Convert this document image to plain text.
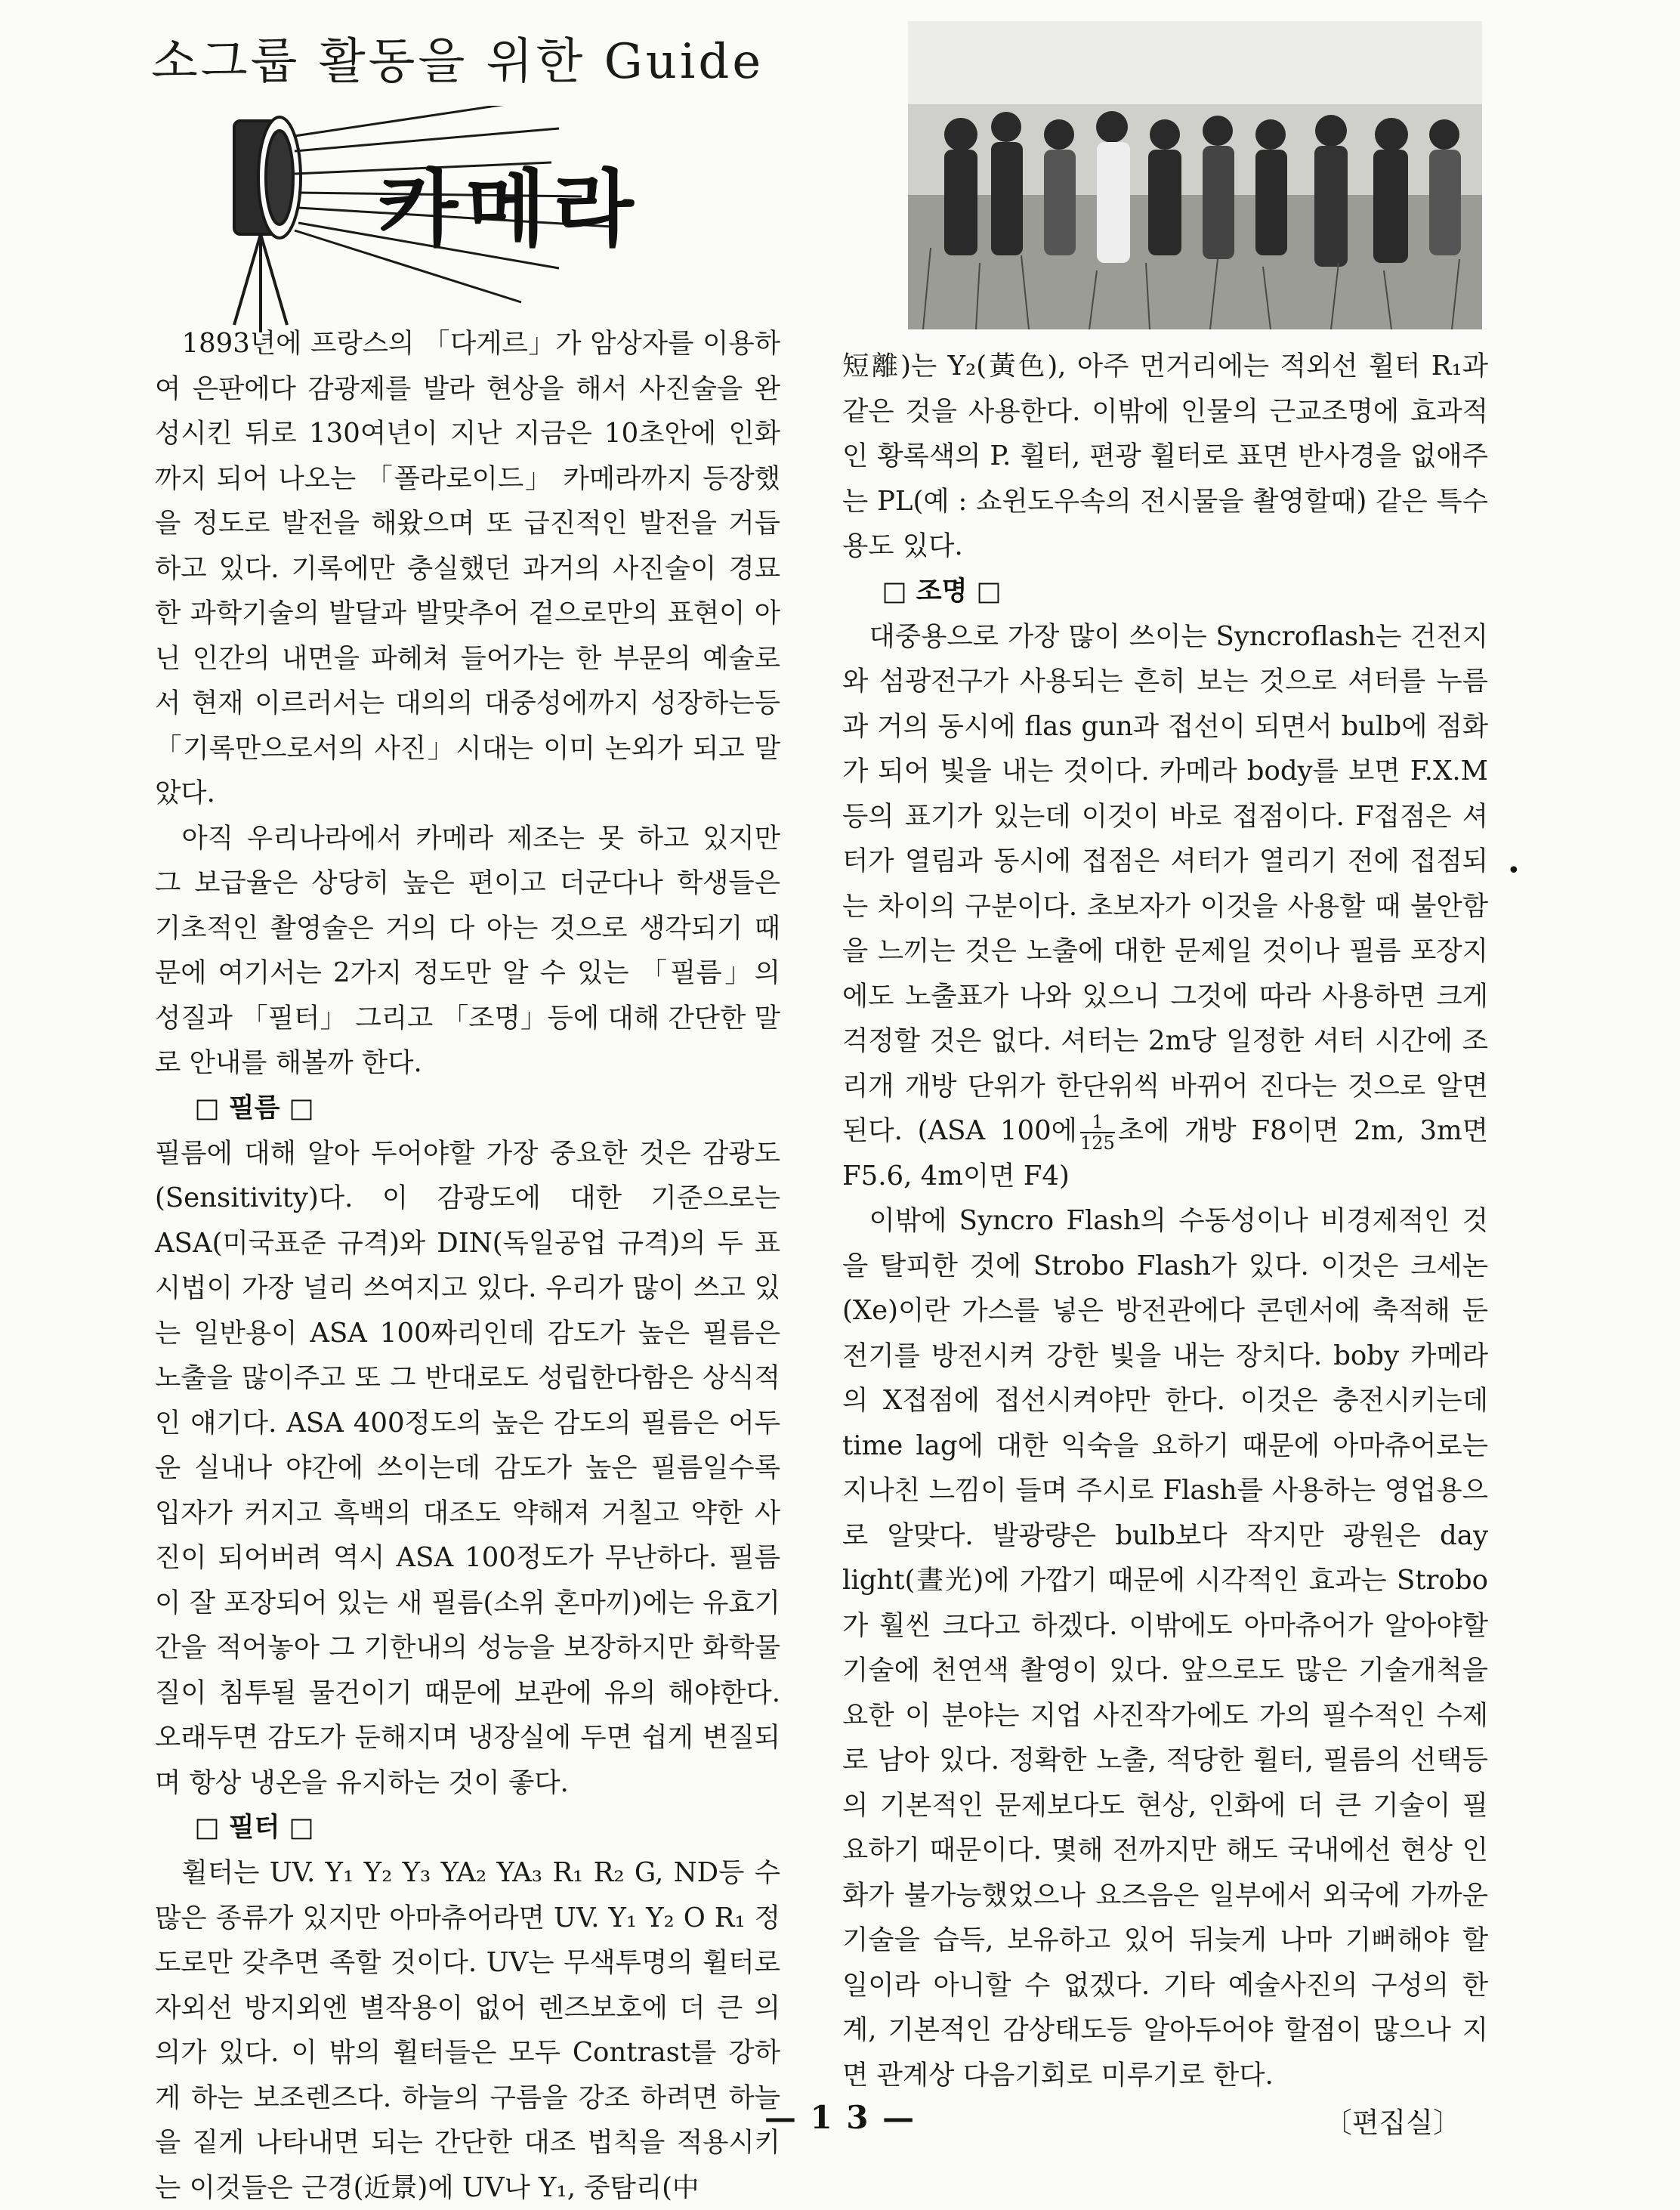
소그룹 활동을 위한 Guide
카메라

1893년에 프랑스의 「다게르」가 암상자를 이용하여 은판에다 감광제를 발라 현상을 해서 사진술을 완성시킨 뒤로 130여년이 지난 지금은 10초안에 인화까지 되어 나오는 「폴라로이드」 카메라까지 등장했을 정도로 발전을 해왔으며 또 급진적인 발전을 거듭하고 있다. 기록에만 충실했던 과거의 사진술이 경묘한 과학기술의 발달과 발맞추어 겉으로만의 표현이 아닌 인간의 내면을 파헤쳐 들어가는 한 부문의 예술로서 현재 이르러서는 대의의 대중성에까지 성장하는등 「기록만으로서의 사진」시대는 이미 논외가 되고 말았다.

아직 우리나라에서 카메라 제조는 못 하고 있지만 그 보급율은 상당히 높은 편이고 더군다나 학생들은 기초적인 촬영술은 거의 다 아는 것으로 생각되기 때문에 여기서는 2가지 정도만 알 수 있는 「필름」의 성질과 「필터」 그리고 「조명」등에 대해 간단한 말로 안내를 해볼까 한다.

□ 필름 □

필름에 대해 알아 두어야할 가장 중요한 것은 감광도(Sensitivity)다. 이 감광도에 대한 기준으로는 ASA(미국표준 규격)와 DIN(독일공업 규격)의 두 표시법이 가장 널리 쓰여지고 있다. 우리가 많이 쓰고 있는 일반용이 ASA 100짜리인데 감도가 높은 필름은 노출을 많이주고 또 그 반대로도 성립한다함은 상식적인 얘기다. ASA 400정도의 높은 감도의 필름은 어두운 실내나 야간에 쓰이는데 감도가 높은 필름일수록 입자가 커지고 흑백의 대조도 약해져 거칠고 약한 사진이 되어버려 역시 ASA 100정도가 무난하다. 필름이 잘 포장되어 있는 새 필름(소위 혼마끼)에는 유효기간을 적어놓아 그 기한내의 성능을 보장하지만 화학물질이 침투될 물건이기 때문에 보관에 유의 해야한다. 오래두면 감도가 둔해지며 냉장실에 두면 쉽게 변질되며 항상 냉온을 유지하는 것이 좋다.

□ 필터 □

휠터는 UV. Y₁ Y₂ Y₃ YA₂ YA₃ R₁ R₂ G, ND등 수 많은 종류가 있지만 아마츄어라면 UV. Y₁ Y₂ O R₁ 정도로만 갖추면 족할 것이다. UV는 무색투명의 휠터로 자외선 방지외엔 별작용이 없어 렌즈보호에 더 큰 의의가 있다. 이 밖의 휠터들은 모두 Contrast를 강하게 하는 보조렌즈다. 하늘의 구름을 강조 하려면 하늘을 짙게 나타내면 되는 간단한 대조 법칙을 적용시키는 이것들은 근경(近景)에 UV나 Y₁, 중탐리(中

短離)는 Y₂(黃色), 아주 먼거리에는 적외선 휠터 R₁과 같은 것을 사용한다. 이밖에 인물의 근교조명에 효과적인 황록색의 P. 휠터, 편광 휠터로 표면 반사경을 없애주는 PL(예 : 쇼윈도우속의 전시물을 촬영할때) 같은 특수용도 있다.

□ 조명 □

대중용으로 가장 많이 쓰이는 Syncroflash는 건전지와 섬광전구가 사용되는 흔히 보는 것으로 셔터를 누름과 거의 동시에 flas gun과 접선이 되면서 bulb에 점화가 되어 빛을 내는 것이다. 카메라 body를 보면 F.X.M등의 표기가 있는데 이것이 바로 접점이다. F접점은 셔터가 열림과 동시에 접점은 셔터가 열리기 전에 접점되는 차이의 구분이다. 초보자가 이것을 사용할 때 불안함을 느끼는 것은 노출에 대한 문제일 것이나 필름 포장지에도 노출표가 나와 있으니 그것에 따라 사용하면 크게 걱정할 것은 없다. 셔터는 2m당 일정한 셔터 시간에 조리개 개방 단위가 한단위씩 바뀌어 진다는 것으로 알면 된다. (ASA 100에 $\frac{1}{125}$ 초에 개방 F8이면 2m, 3m면 F5.6, 4m이면 F4)

이밖에 Syncro Flash의 수동성이나 비경제적인 것을 탈피한 것에 Strobo Flash가 있다. 이것은 크세논(Xe)이란 가스를 넣은 방전관에다 콘덴서에 축적해 둔 전기를 방전시켜 강한 빛을 내는 장치다. boby 카메라의 X접점에 접선시켜야만 한다. 이것은 충전시키는데 time lag에 대한 익숙을 요하기 때문에 아마츄어로는 지나친 느낌이 들며 주시로 Flash를 사용하는 영업용으로 알맞다. 발광량은 bulb보다 작지만 광원은 day light(晝光)에 가깝기 때문에 시각적인 효과는 Strobo가 훨씬 크다고 하겠다. 이밖에도 아마츄어가 알아야할 기술에 천연색 촬영이 있다. 앞으로도 많은 기술개척을 요한 이 분야는 지업 사진작가에도 가의 필수적인 수제로 남아 있다. 정확한 노출, 적당한 휠터, 필름의 선택등의 기본적인 문제보다도 현상, 인화에 더 큰 기술이 필요하기 때문이다. 몇해 전까지만 해도 국내에선 현상 인화가 불가능했었으나 요즈음은 일부에서 외국에 가까운 기술을 습득, 보유하고 있어 뒤늦게 나마 기뻐해야 할 일이라 아니할 수 없겠다. 기타 예술사진의 구성의 한계, 기본적인 감상태도등 알아두어야 할점이 많으나 지면 관계상 다음기회로 미루기로 한다.

〔편집실〕
•
— 1 3 —
